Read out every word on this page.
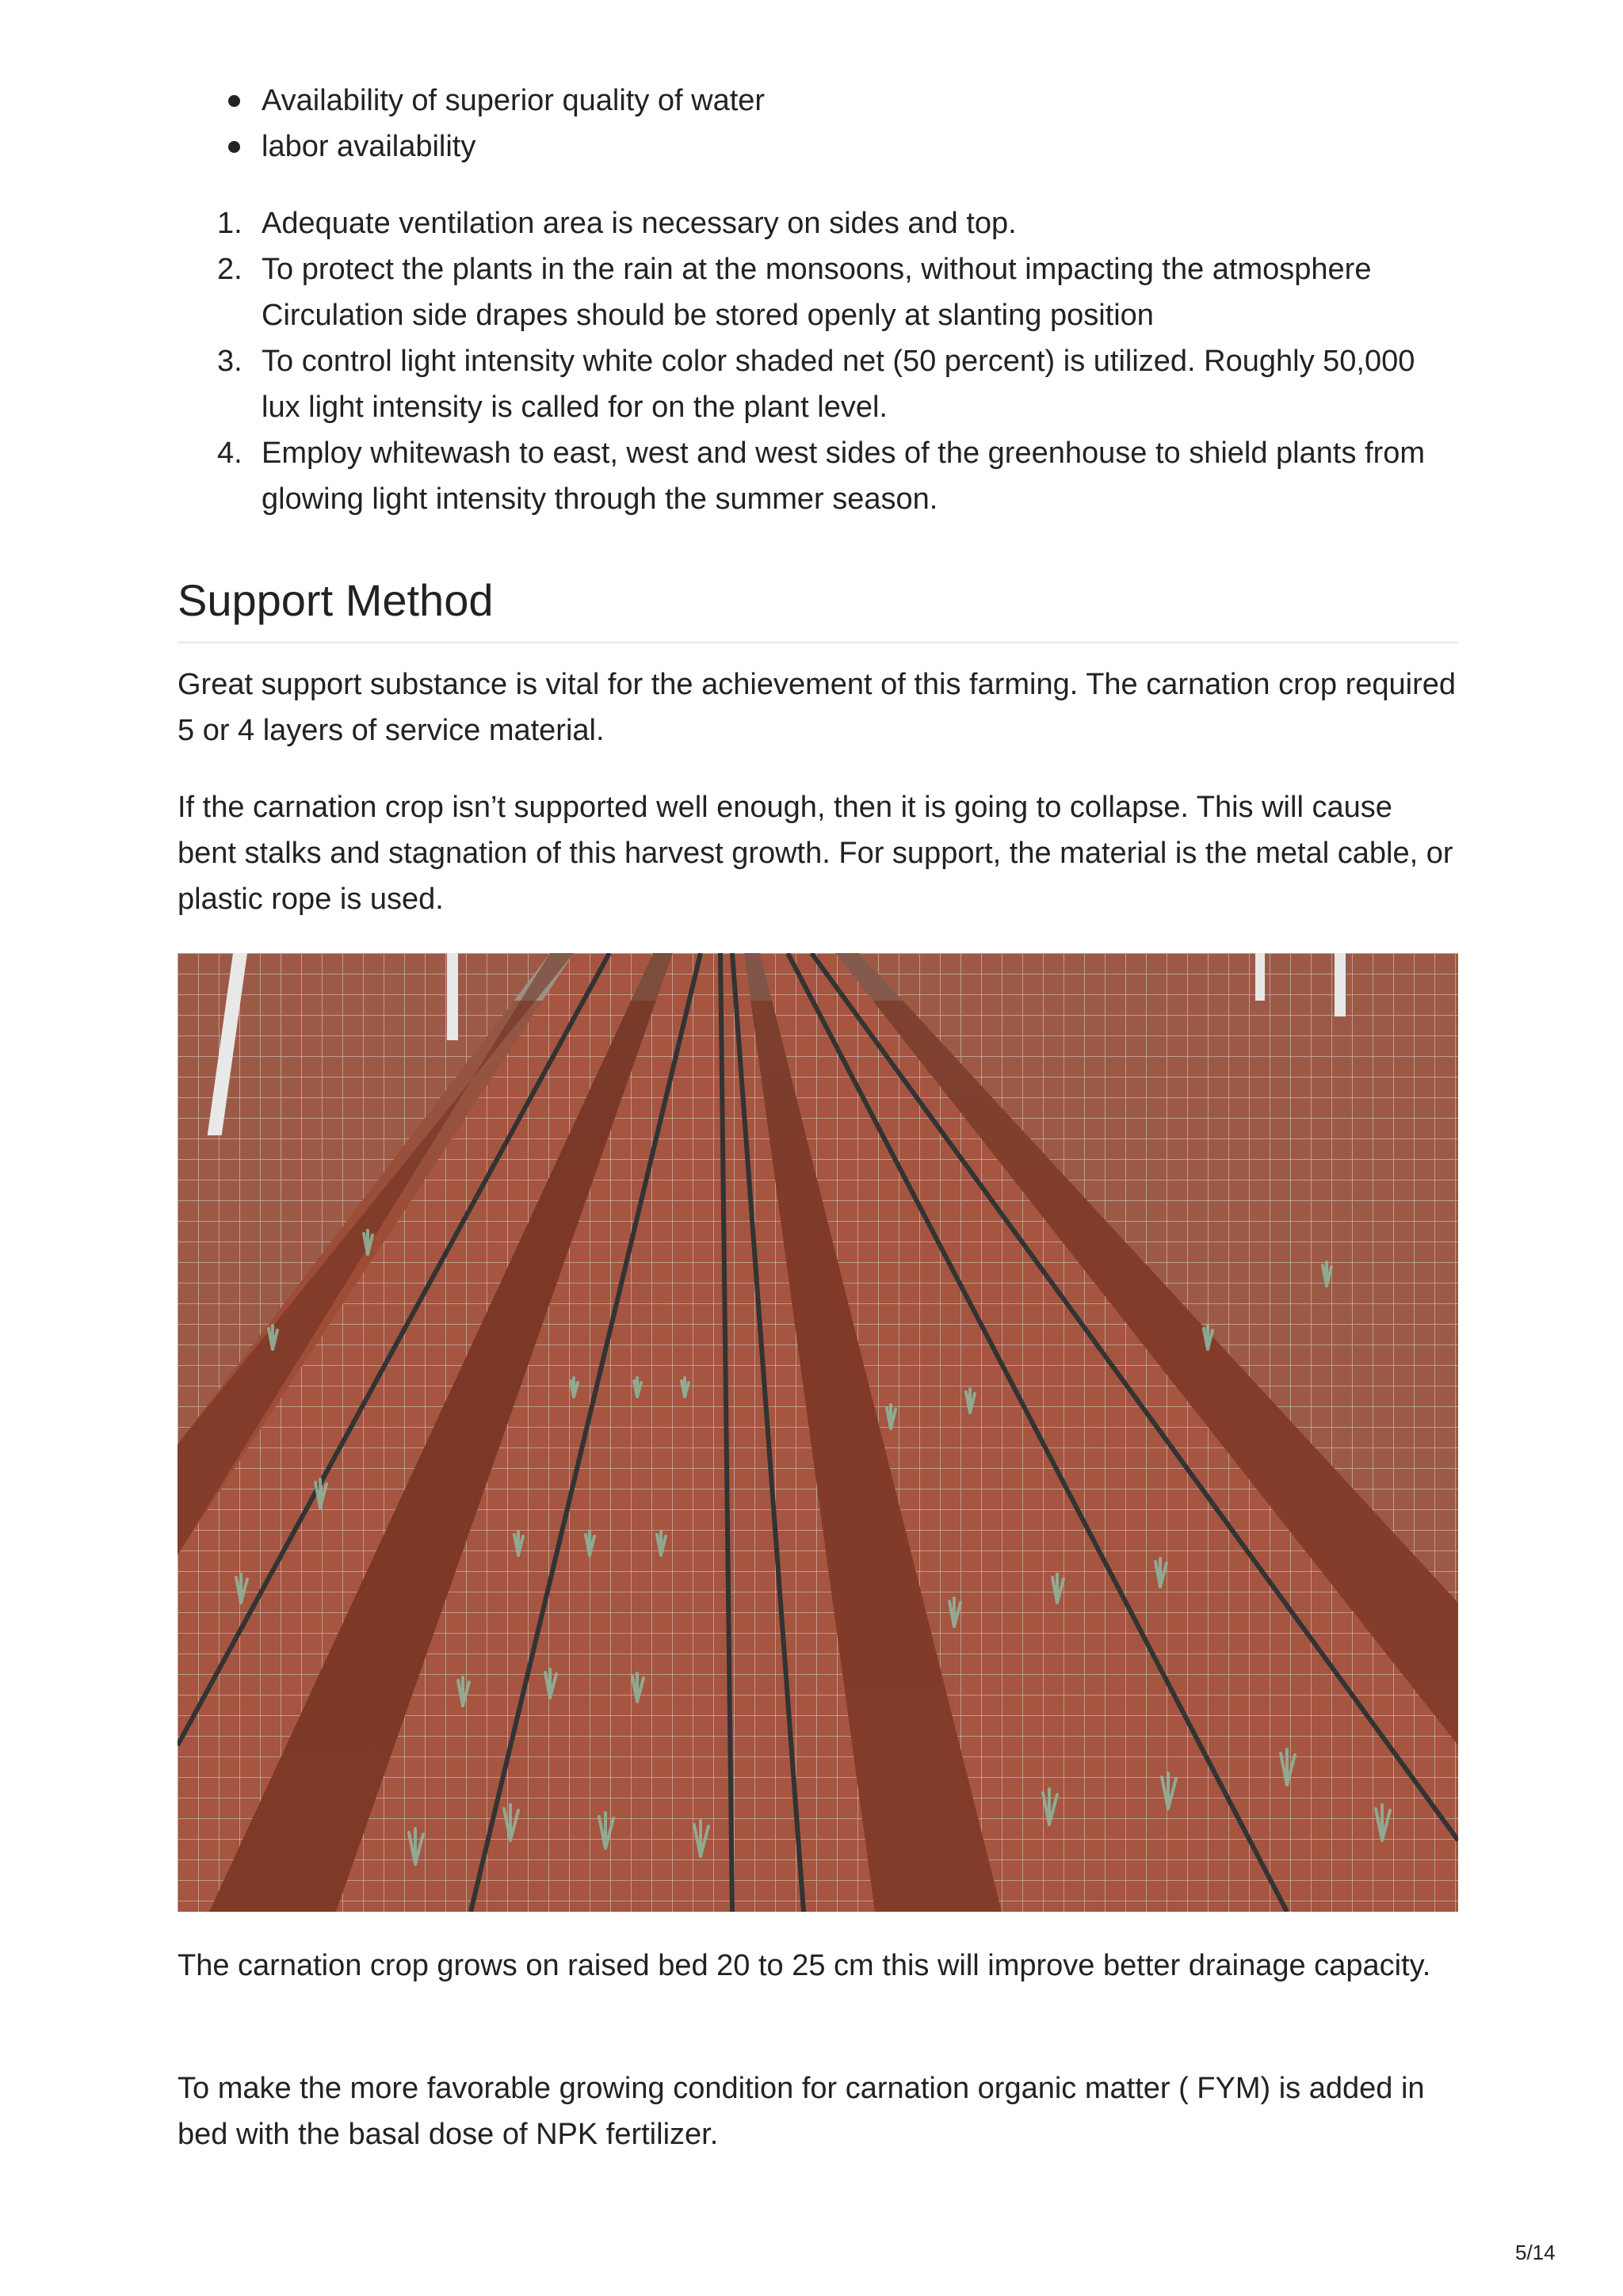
Availability of superior quality of water
labor availability
1. Adequate ventilation area is necessary on sides and top.
2. To protect the plants in the rain at the monsoons, without impacting the atmosphere Circulation side drapes should be stored openly at slanting position
3. To control light intensity white color shaded net (50 percent) is utilized. Roughly 50,000 lux light intensity is called for on the plant level.
4. Employ whitewash to east, west and west sides of the greenhouse to shield plants from glowing light intensity through the summer season.
Support Method

Great support substance is vital for the achievement of this farming. The carnation crop required 5 or 4 layers of service material.

If the carnation crop isn’t supported well enough, then it is going to collapse. This will cause bent stalks and stagnation of this harvest growth. For support, the material is the metal cable, or plastic rope is used.

The carnation crop grows on raised bed 20 to 25 cm this will improve better drainage capacity.

To make the more favorable growing condition for carnation organic matter ( FYM) is added in bed with the basal dose of NPK fertilizer.

5/14
